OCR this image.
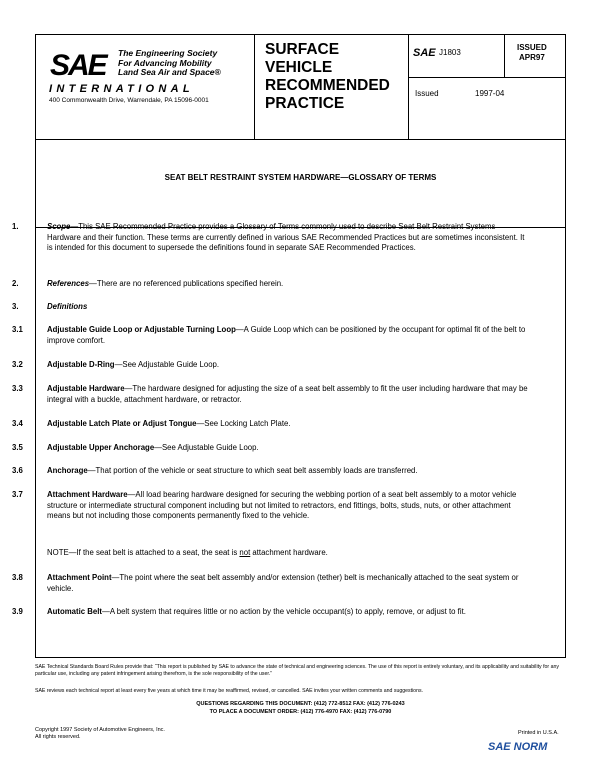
SAE The Engineering Society
For Advancing Mobility
Land Sea Air and Space®
INTERNATIONAL
400 Commonwealth Drive, Warrendale, PA 15096-0001
SURFACE
VEHICLE
RECOMMENDED
PRACTICE
SAE J1803
ISSUED
APR97
Issued	1997-04
SEAT BELT RESTRAINT SYSTEM HARDWARE—GLOSSARY OF TERMS
1.	Scope—This SAE Recommended Practice provides a Glossary of Terms commonly used to describe Seat Belt Restraint Systems Hardware and their function. These terms are currently defined in various SAE Recommended Practices but are sometimes inconsistent. It is intended for this document to supersede the definitions found in separate SAE Recommended Practices.
2.	References—There are no referenced publications specified herein.
3.	Definitions
3.1	Adjustable Guide Loop or Adjustable Turning Loop—A Guide Loop which can be positioned by the occupant for optimal fit of the belt to improve comfort.
3.2	Adjustable D-Ring—See Adjustable Guide Loop.
3.3	Adjustable Hardware—The hardware designed for adjusting the size of a seat belt assembly to fit the user including hardware that may be integral with a buckle, attachment hardware, or retractor.
3.4	Adjustable Latch Plate or Adjust Tongue—See Locking Latch Plate.
3.5	Adjustable Upper Anchorage—See Adjustable Guide Loop.
3.6	Anchorage—That portion of the vehicle or seat structure to which seat belt assembly loads are transferred.
3.7	Attachment Hardware—All load bearing hardware designed for securing the webbing portion of a seat belt assembly to a motor vehicle structure or intermediate structural component including but not limited to retractors, end fittings, bolts, studs, nuts, or other attachment means but not including those components permanently fixed to the vehicle.
NOTE—If the seat belt is attached to a seat, the seat is not attachment hardware.
3.8	Attachment Point—The point where the seat belt assembly and/or extension (tether) belt is mechanically attached to the seat system or vehicle.
3.9	Automatic Belt—A belt system that requires little or no action by the vehicle occupant(s) to apply, remove, or adjust to fit.
SAE Technical Standards Board Rules provide that: “This report is published by SAE to advance the state of technical and engineering sciences. The use of this report is entirely voluntary, and its applicability and suitability for any particular use, including any patent infringement arising therefrom, is the sole responsibility of the user.”
SAE reviews each technical report at least every five years at which time it may be reaffirmed, revised, or cancelled. SAE invites your written comments and suggestions.
QUESTIONS REGARDING THIS DOCUMENT: (412) 772-8512 FAX: (412) 776-0243
TO PLACE A DOCUMENT ORDER: (412) 776-4970 FAX: (412) 776-0790
Copyright 1997 Society of Automotive Engineers, Inc.
All rights reserved.
Printed in U.S.A.
SAE NORM
